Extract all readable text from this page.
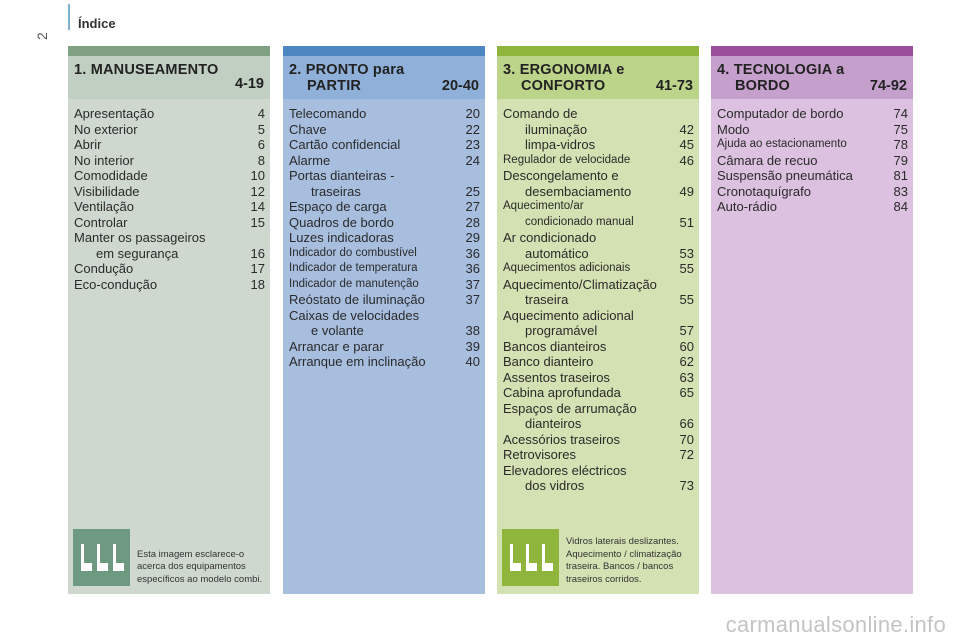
2
Índice
1. MANUSEAMENTO
4-19
Apresentação	4
No exterior	5
Abrir	6
No interior	8
Comodidade	10
Visibilidade	12
Ventilação	14
Controlar	15
Manter os passageiros
em segurança	16
Condução	17
Eco-condução	18
Esta imagem esclarece-o
acerca dos equipamentos
específicos ao modelo combi.
2. PRONTO para
PARTIR	20-40
Telecomando	20
Chave	22
Cartão confidencial	23
Alarme	24
Portas dianteiras -
traseiras	25
Espaço de carga	27
Quadros de bordo	28
Luzes indicadoras	29
Indicador do combustível	36
Indicador de temperatura	36
Indicador de manutenção	37
Reóstato de iluminação	37
Caixas de velocidades
e volante	38
Arrancar e parar	39
Arranque em inclinação	40
3. ERGONOMIA e
CONFORTO	41-73
Comando de
iluminação	42
limpa-vidros	45
Regulador de velocidade	46
Descongelamento e
desembaciamento	49
Aquecimento/ar
condicionado manual	51
Ar condicionado
automático	53
Aquecimentos adicionais	55
Aquecimento/Climatização
traseira	55
Aquecimento adicional
programável	57
Bancos dianteiros	60
Banco dianteiro	62
Assentos traseiros	63
Cabina aprofundada	65
Espaços de arrumação
dianteiros	66
Acessórios traseiros	70
Retrovisores	72
Elevadores eléctricos
dos vidros	73
Vidros laterais deslizantes.
Aquecimento / climatização
traseira. Bancos / bancos
traseiros corridos.
4. TECNOLOGIA a
BORDO	74-92
Computador de bordo	74
Modo	75
Ajuda ao estacionamento	78
Câmara de recuo	79
Suspensão pneumática	81
Cronotaquígrafo	83
Auto-rádio	84
carmanualsonline.info
